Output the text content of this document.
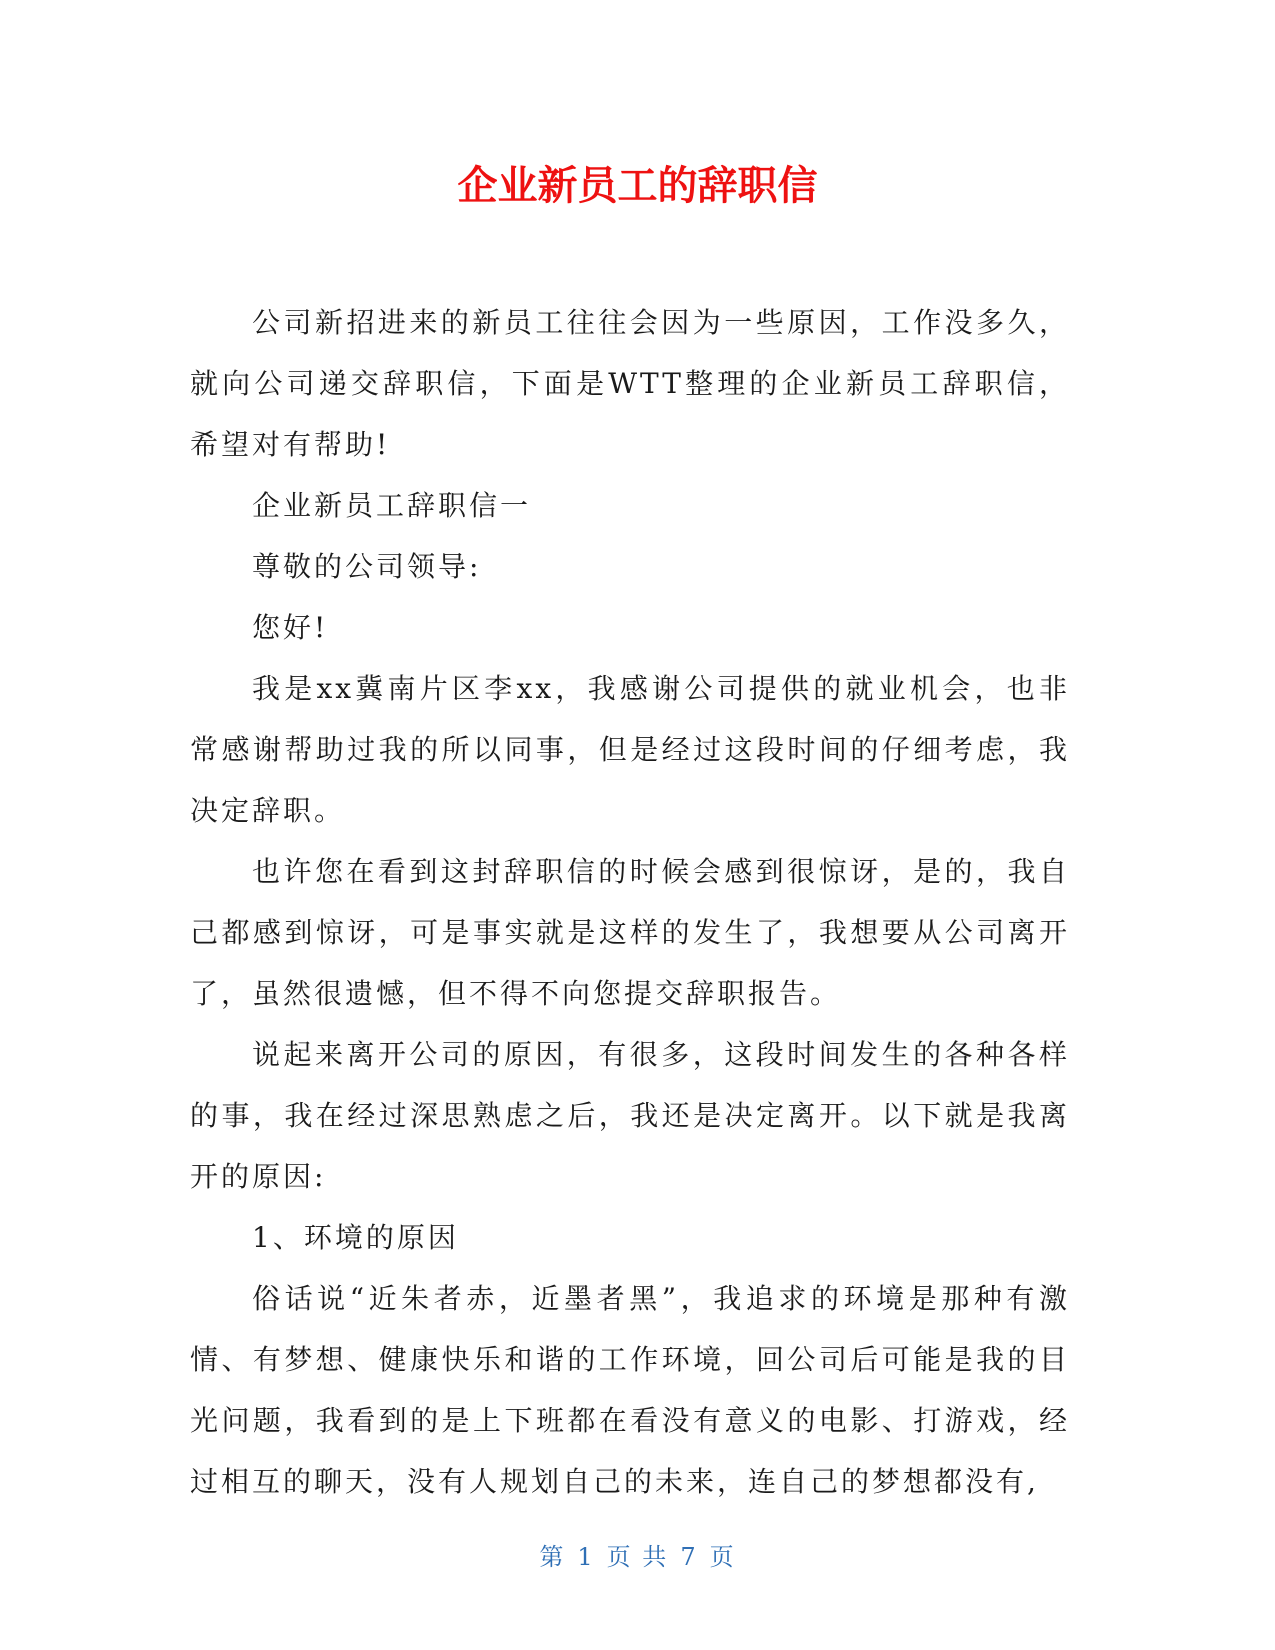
企业新员工的辞职信

公司新招进来的新员工往往会因为一些原因，工作没多久，就向公司递交辞职信，下面是WTT整理的企业新员工辞职信，希望对有帮助!

企业新员工辞职信一

尊敬的公司领导:

您好!

我是xx冀南片区李xx，我感谢公司提供的就业机会，也非常感谢帮助过我的所以同事，但是经过这段时间的仔细考虑，我决定辞职。

也许您在看到这封辞职信的时候会感到很惊讶，是的，我自己都感到惊讶，可是事实就是这样的发生了，我想要从公司离开了，虽然很遗憾，但不得不向您提交辞职报告。

说起来离开公司的原因，有很多，这段时间发生的各种各样的事，我在经过深思熟虑之后，我还是决定离开。以下就是我离开的原因:

1、环境的原因

俗话说“近朱者赤，近墨者黑”，我追求的环境是那种有激情、有梦想、健康快乐和谐的工作环境，回公司后可能是我的目光问题，我看到的是上下班都在看没有意义的电影、打游戏，经过相互的聊天，没有人规划自己的未来，连自己的梦想都没有,

第 1 页 共 7 页
